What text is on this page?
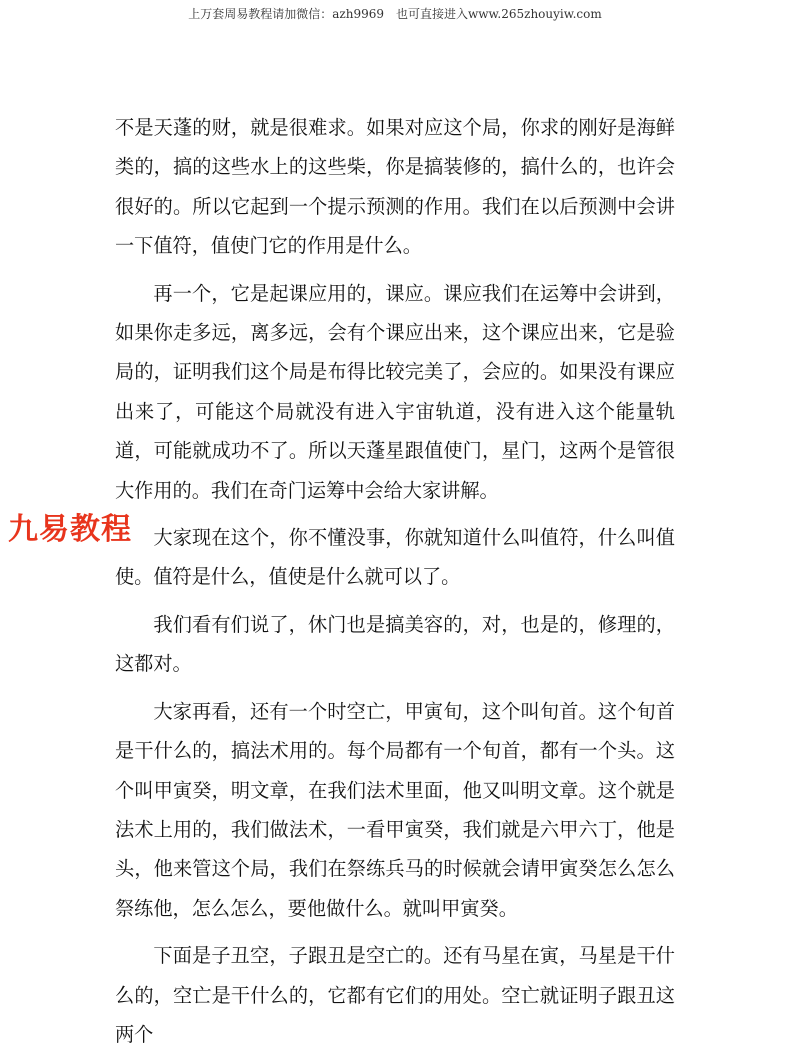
上万套周易教程请加微信：azh9969　也可直接进入www.265zhouyiw.com
九易教程

不是天蓬的财，就是很难求。如果对应这个局，你求的刚好是海鲜类的，搞的这些水上的这些柴，你是搞装修的，搞什么的，也许会很好的。所以它起到一个提示预测的作用。我们在以后预测中会讲一下值符，值使门它的作用是什么。

再一个，它是起课应用的，课应。课应我们在运筹中会讲到，如果你走多远，离多远，会有个课应出来，这个课应出来，它是验局的，证明我们这个局是布得比较完美了，会应的。如果没有课应出来了，可能这个局就没有进入宇宙轨道，没有进入这个能量轨道，可能就成功不了。所以天蓬星跟值使门，星门，这两个是管很大作用的。我们在奇门运筹中会给大家讲解。

大家现在这个，你不懂没事，你就知道什么叫值符，什么叫值使。值符是什么，值使是什么就可以了。

我们看有们说了，休门也是搞美容的，对，也是的，修理的，这都对。

大家再看，还有一个时空亡，甲寅旬，这个叫旬首。这个旬首是干什么的，搞法术用的。每个局都有一个旬首，都有一个头。这个叫甲寅癸，明文章，在我们法术里面，他又叫明文章。这个就是法术上用的，我们做法术，一看甲寅癸，我们就是六甲六丁，他是头，他来管这个局，我们在祭练兵马的时候就会请甲寅癸怎么怎么祭练他，怎么怎么，要他做什么。就叫甲寅癸。

下面是子丑空，子跟丑是空亡的。还有马星在寅，马星是干什么的，空亡是干什么的，它都有它们的用处。空亡就证明子跟丑这两个
